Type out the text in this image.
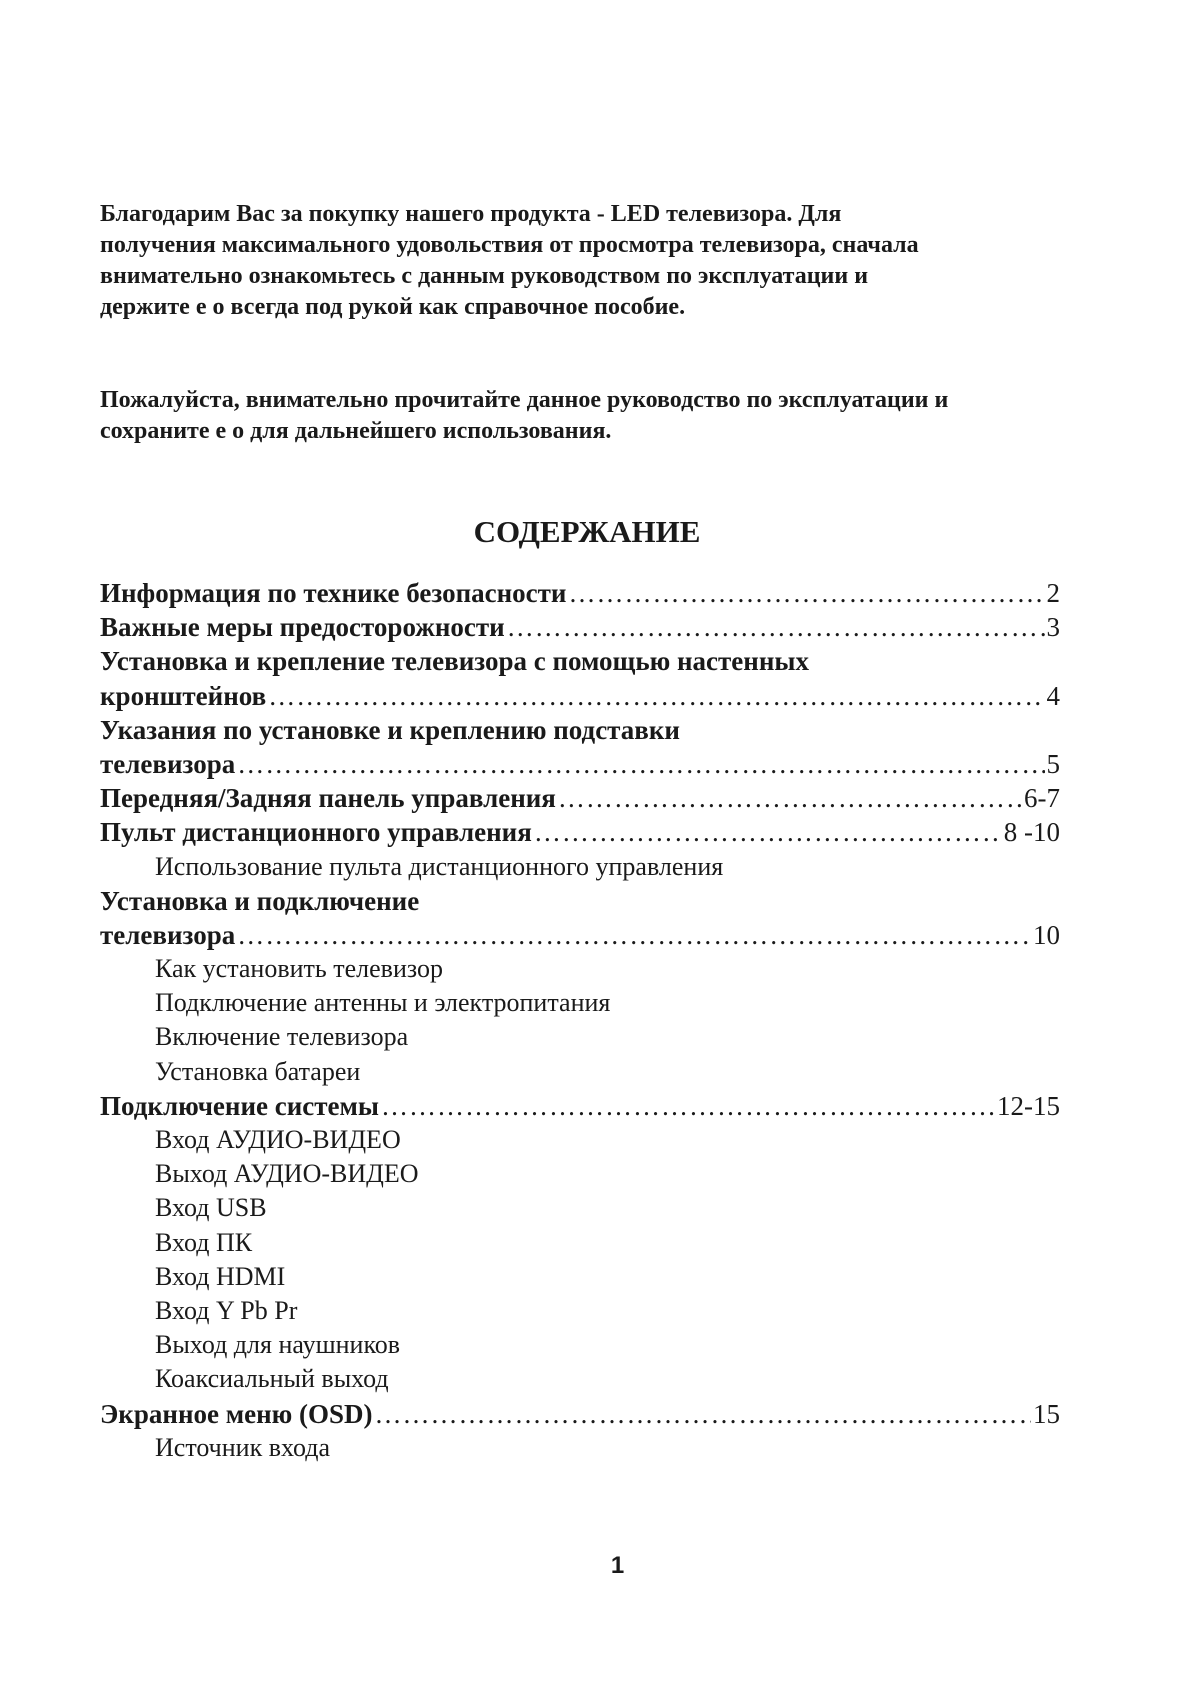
Благодарим Вас за покупку нашего продукта - LED телевизора. Для
получения максимального удовольствия от просмотра телевизора, сначала
внимательно ознакомьтесь с данным руководством по эксплуатации и
держите е о всегда под рукой как справочное пособие.

Пожалуйста, внимательно прочитайте данное руководство по эксплуатации и
сохраните е о для дальнейшего использования.

СОДЕРЖАНИЕ
Информация по технике безопасности ……………………………………………………………………………………………………………………………………………………………	2
Важные меры предосторожности ……………………………………………………………………………………………………………………………………………………………	3
Установка и крепление телевизора с помощью настенных
кронштейнов ……………………………………………………………………………………………………………………………………………………………	4
Указания по установке и креплению подставки
телевизора ……………………………………………………………………………………………………………………………………………………………	5
Передняя/Задняя панель управления ……………………………………………………………………………………………………………………………………………………………	6-7
Пульт дистанционного управления ……………………………………………………………………………………………………………………………………………………………	8 -10
Использование пульта дистанционного управления
Установка и подключение
телевизора ……………………………………………………………………………………………………………………………………………………………	10
Как установить телевизор
Подключение антенны и электропитания
Включение телевизора
Установка батареи
Подключение системы ……………………………………………………………………………………………………………………………………………………………	12-15
Вход АУДИО-ВИДЕО
Выход АУДИО-ВИДЕО
Вход USB
Вход ПК
Вход HDMI
Вход Y Pb Pr
Выход для наушников
Коаксиальный выход
Экранное меню (OSD) ……………………………………………………………………………………………………………………………………………………………	15
Источник входа
1
